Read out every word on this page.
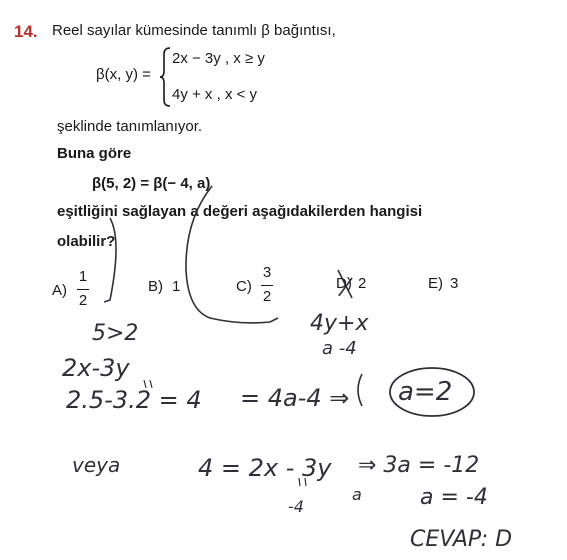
14. Reel sayılar kümesinde tanımlı β bağıntısı,
β(x, y) =
2x − 3y , x ≥ y
4y + x , x < y
şeklinde tanımlanıyor.
Buna göre
β(5, 2) = β(− 4, a)
eşitliğini sağlayan a değeri aşağıdakilerden hangisi
olabilir?
A)
1
2
B) 1	C)
3
2
D) 2	E) 3
4y+x
a -4
5>2
2x-3y
2.5-3.2 = 4 = 4a-4 ⇒ a=2
veya	4 = 2x - 3y ⇒ 3a = -12
-4
a	a = -4
CEVAP: D
